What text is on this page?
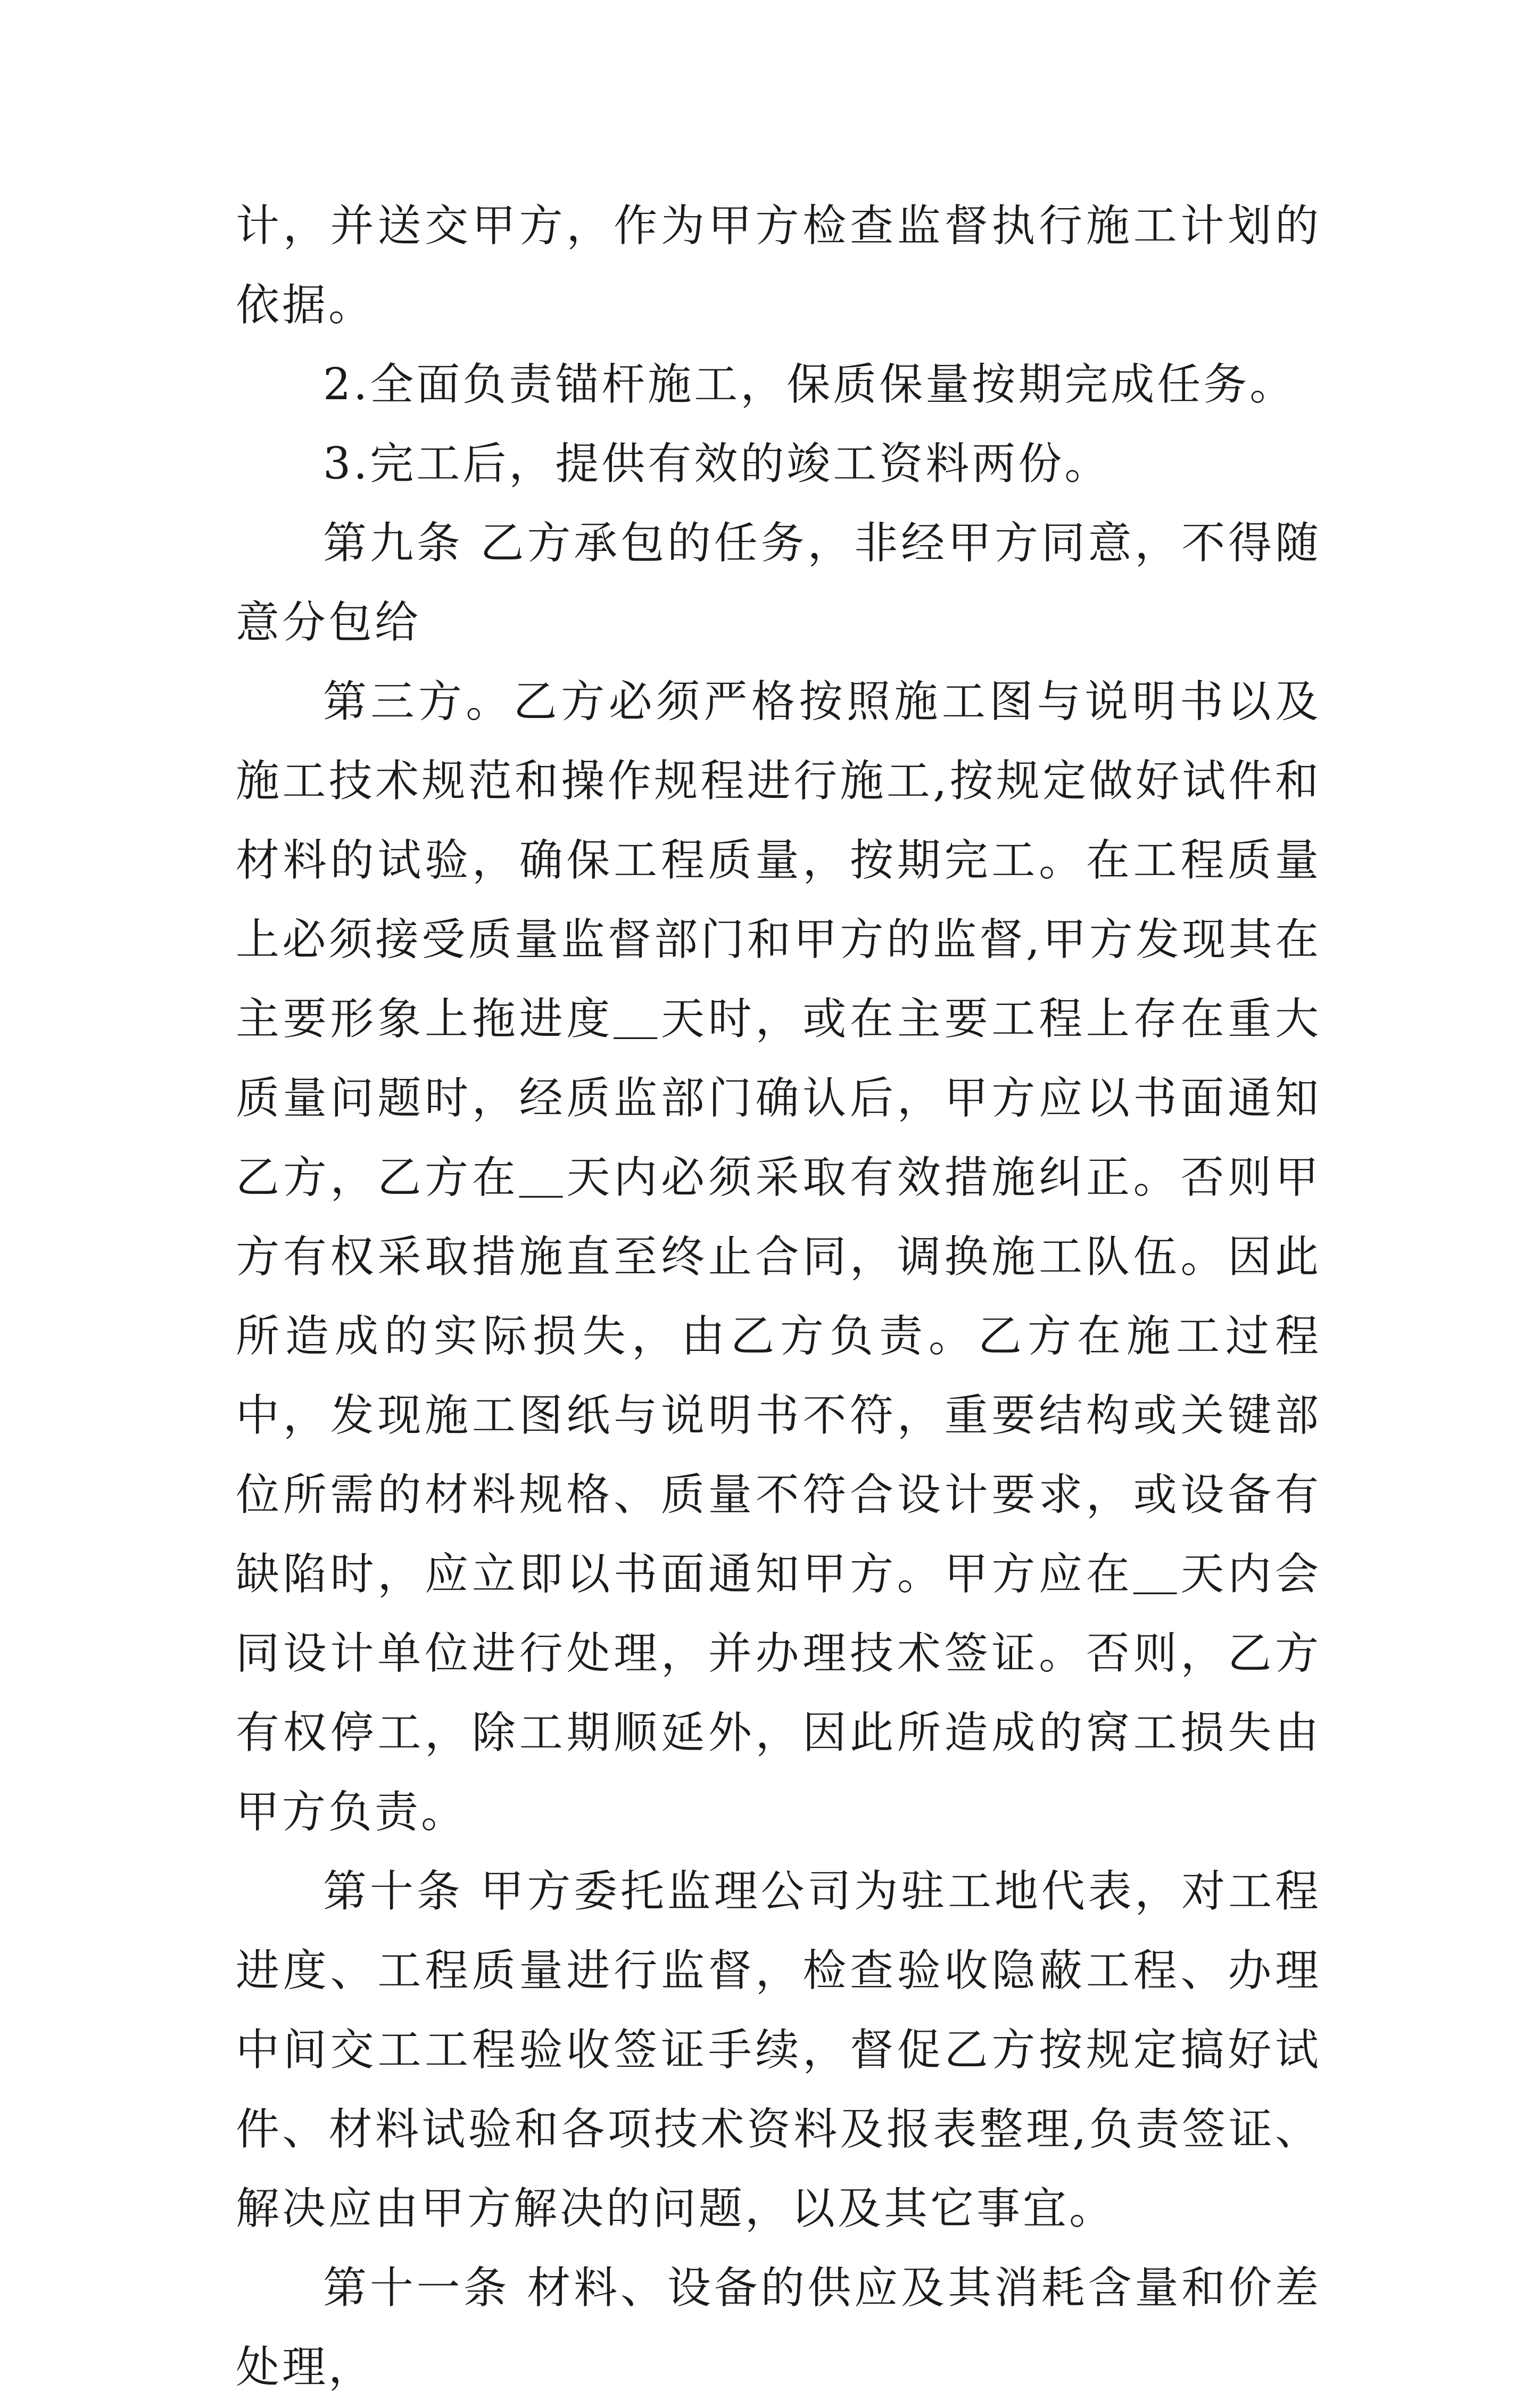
计，并送交甲方，作为甲方检查监督执行施工计划的依据。

2.全面负责锚杆施工，保质保量按期完成任务。

3.完工后，提供有效的竣工资料两份。

第九条 乙方承包的任务，非经甲方同意，不得随意分包给

第三方。乙方必须严格按照施工图与说明书以及施工技术规范和操作规程进行施工,按规定做好试件和材料的试验，确保工程质量，按期完工。在工程质量上必须接受质量监督部门和甲方的监督,甲方发现其在主要形象上拖进度＿天时，或在主要工程上存在重大质量问题时，经质监部门确认后，甲方应以书面通知乙方，乙方在＿天内必须采取有效措施纠正。否则甲方有权采取措施直至终止合同，调换施工队伍。因此所造成的实际损失，由乙方负责。乙方在施工过程中，发现施工图纸与说明书不符，重要结构或关键部位所需的材料规格、质量不符合设计要求，或设备有缺陷时，应立即以书面通知甲方。甲方应在＿天内会同设计单位进行处理，并办理技术签证。否则，乙方有权停工，除工期顺延外，因此所造成的窝工损失由甲方负责。

第十条 甲方委托监理公司为驻工地代表，对工程进度、工程质量进行监督，检查验收隐蔽工程、办理中间交工工程验收签证手续，督促乙方按规定搞好试件、材料试验和各项技术资料及报表整理,负责签证、解决应由甲方解决的问题，以及其它事宜。

第十一条 材料、设备的供应及其消耗含量和价差处理，
